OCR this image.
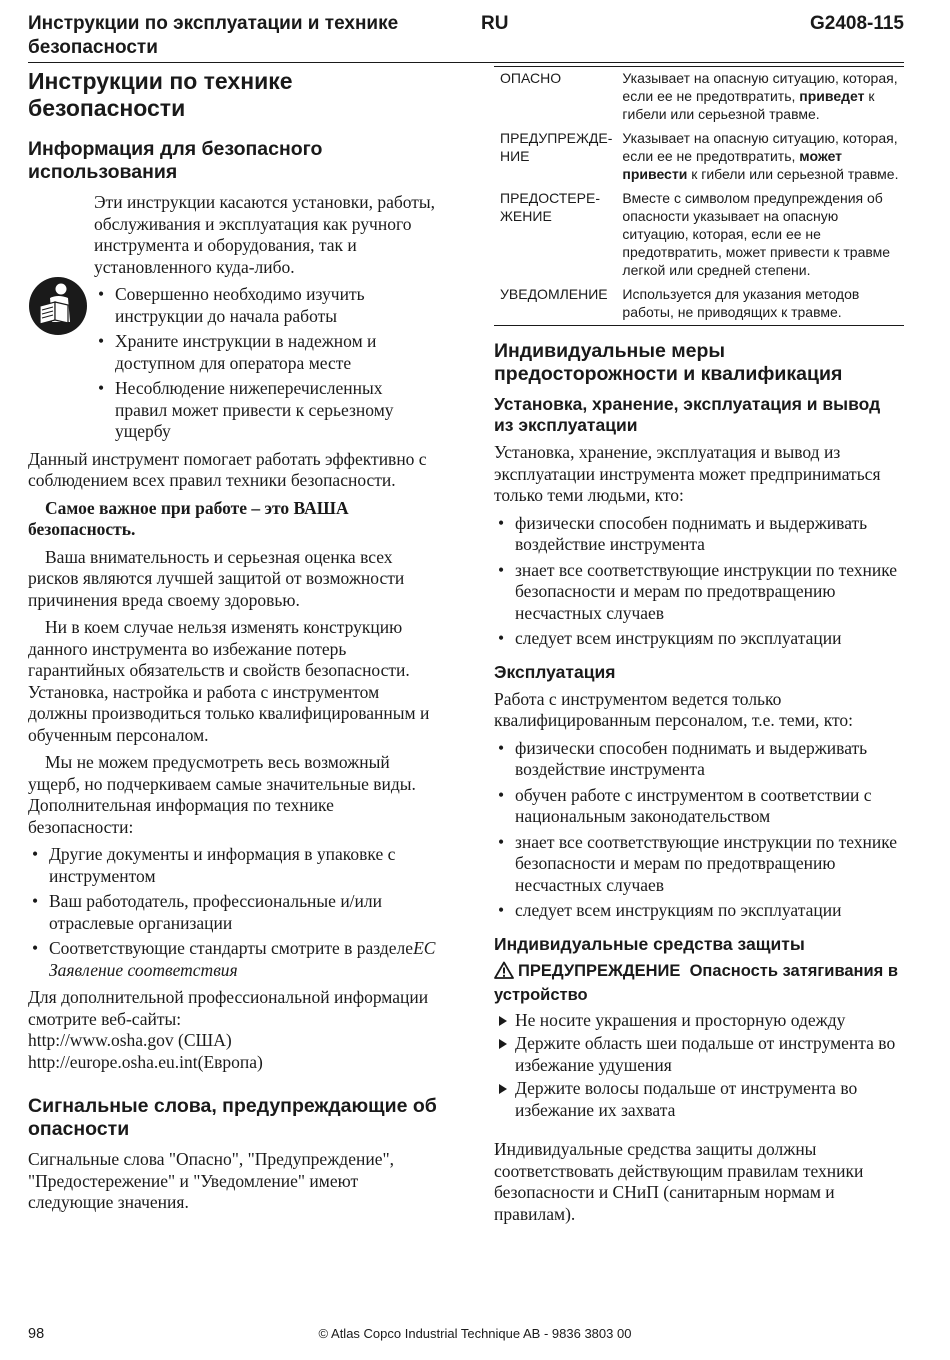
Инструкции по эксплуатации и технике безопасности
RU	G2408-115
Инструкции по технике безопасности
Информация для безопасного использования

Эти инструкции касаются установки, работы, обслуживания и эксплуатация как ручного инструмента и оборудования, так и установленного куда-либо.

• Совершенно необходимо изучить инструкции до начала работы
• Храните инструкции в надежном и доступном для оператора месте
• Несоблюдение нижеперечисленных правил может привести к серьезному ущербу

Данный инструмент помогает работать эффективно с соблюдением всех правил техники безопасности.

Самое важное при работе – это ВАША безопасность.

Ваша внимательность и серьезная оценка всех рисков являются лучшей защитой от возможности причинения вреда своему здоровью.

Ни в коем случае нельзя изменять конструкцию данного инструмента во избежание потерь гарантийных обязательств и свойств безопасности. Установка, настройка и работа с инструментом должны производиться только квалифицированным и обученным персоналом.

Мы не можем предусмотреть весь возможный ущерб, но подчеркиваем самые значительные виды. Дополнительная информация по технике безопасности:

• Другие документы и информация в упаковке с инструментом
• Ваш работодатель, профессиональные и/или отраслевые организации
• Соответствующие стандарты смотрите в разделеЕС Заявление соответствия

Для дополнительной профессиональной информации смотрите веб-сайты:

http://www.osha.gov (США)

http://europe.osha.eu.int(Европа)

Сигнальные слова, предупреждающие об опасности

Сигнальные слова "Опасно", "Предупреждение", "Предостережение" и "Уведомление" имеют следующие значения.

ОПАСНО	Указывает на опасную ситуацию, которая, если ее не предотвратить, приведет к гибели или серьезной травме.
ПРЕДУПРЕЖДЕ-НИЕ	Указывает на опасную ситуацию, которая, если ее не предотвратить, может привести к гибели или серьезной травме.
ПРЕДОСТЕРЕ-ЖЕНИЕ	Вместе с символом предупреждения об опасности указывает на опасную ситуацию, которая, если ее не предотвратить, может привести к травме легкой или средней степени.
УВЕДОМЛЕНИЕ	Используется для указания методов работы, не приводящих к травме.
Индивидуальные меры предосторожности и квалификация
Установка, хранение, эксплуатация и вывод из эксплуатации

Установка, хранение, эксплуатация и вывод из эксплуатации инструмента может предприниматься только теми людьми, кто:

• физически способен поднимать и выдерживать воздействие инструмента
• знает все соответствующие инструкции по технике безопасности и мерам по предотвращению несчастных случаев
• следует всем инструкциям по эксплуатации
Эксплуатация

Работа с инструментом ведется только квалифицированным персоналом, т.е. теми, кто:

• физически способен поднимать и выдерживать воздействие инструмента
• обучен работе с инструментом в соответствии с национальным законодательством
• знает все соответствующие инструкции по технике безопасности и мерам по предотвращению несчастных случаев
• следует всем инструкциям по эксплуатации
Индивидуальные средства защиты

ПРЕДУПРЕЖДЕНИЕ Опасность затягивания в устройство

Не носите украшения и просторную одежду
Держите область шеи подальше от инструмента во избежание удушения
Держите волосы подальше от инструмента во избежание их захвата

Индивидуальные средства защиты должны соответствовать действующим правилам техники безопасности и СНиП (санитарным нормам и правилам).

98	© Atlas Copco Industrial Technique AB - 9836 3803 00
